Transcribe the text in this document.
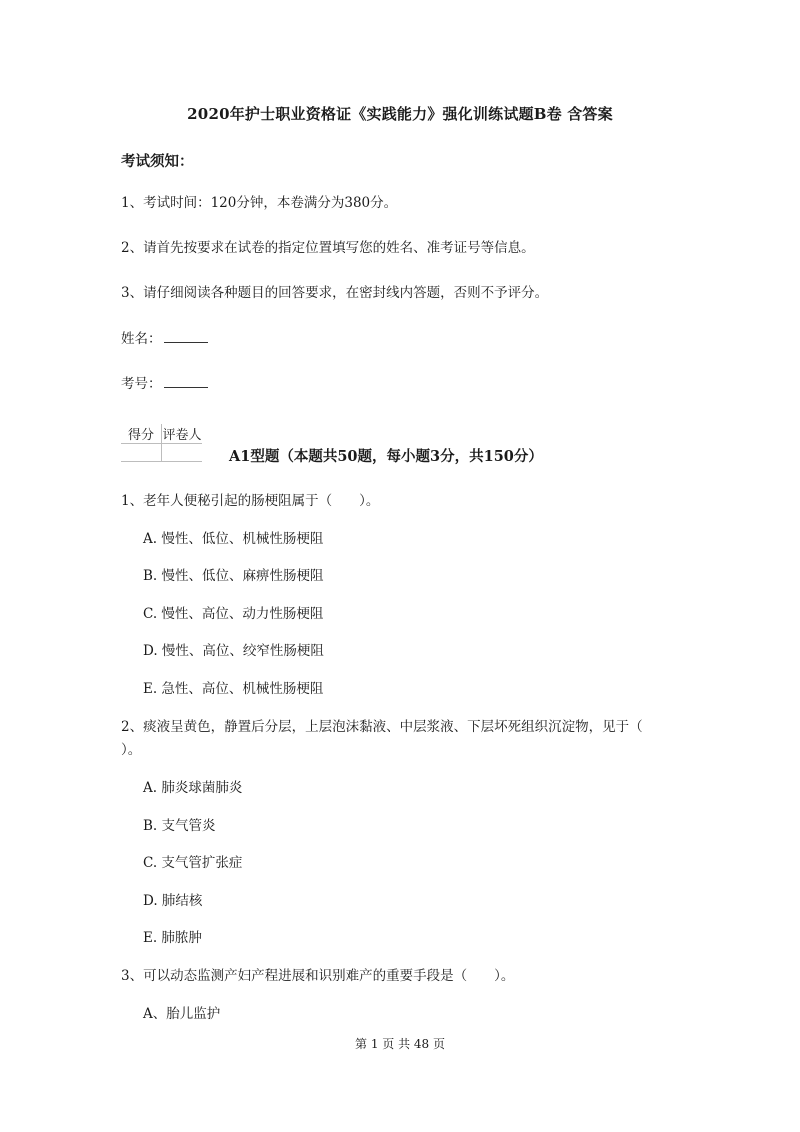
2020年护士职业资格证《实践能力》强化训练试题B卷 含答案
考试须知：
1、考试时间：120分钟，本卷满分为380分。
2、请首先按要求在试卷的指定位置填写您的姓名、准考证号等信息。
3、请仔细阅读各种题目的回答要求，在密封线内答题，否则不予评分。
姓名：
考号：
得分	评卷人

A1型题（本题共50题，每小题3分，共150分）
1、老年人便秘引起的肠梗阻属于（　　）。
A. 慢性、低位、机械性肠梗阻
B. 慢性、低位、麻痹性肠梗阻
C. 慢性、高位、动力性肠梗阻
D. 慢性、高位、绞窄性肠梗阻
E. 急性、高位、机械性肠梗阻
2、痰液呈黄色，静置后分层，上层泡沫黏液、中层浆液、下层坏死组织沉淀物，见于（
）。
A. 肺炎球菌肺炎
B. 支气管炎
C. 支气管扩张症
D. 肺结核
E. 肺脓肿
3、可以动态监测产妇产程进展和识别难产的重要手段是（　　）。
A、胎儿监护
第 1 页 共 48 页
